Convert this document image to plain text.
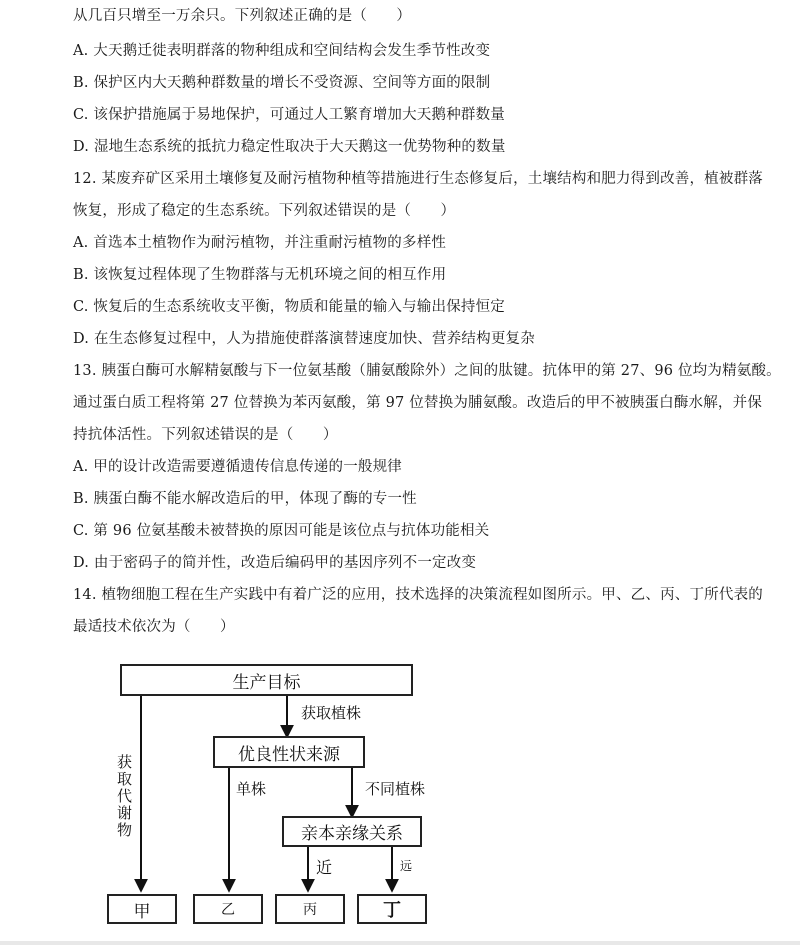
从几百只增至一万余只。下列叙述正确的是（　　）
A. 大天鹅迁徙表明群落的物种组成和空间结构会发生季节性改变
B. 保护区内大天鹅种群数量的增长不受资源、空间等方面的限制
C. 该保护措施属于易地保护，可通过人工繁育增加大天鹅种群数量
D. 湿地生态系统的抵抗力稳定性取决于大天鹅这一优势物种的数量
12. 某废弃矿区采用土壤修复及耐污植物种植等措施进行生态修复后，土壤结构和肥力得到改善，植被群落
恢复，形成了稳定的生态系统。下列叙述错误的是（　　）
A. 首选本土植物作为耐污植物，并注重耐污植物的多样性
B. 该恢复过程体现了生物群落与无机环境之间的相互作用
C. 恢复后的生态系统收支平衡，物质和能量的输入与输出保持恒定
D. 在生态修复过程中，人为措施使群落演替速度加快、营养结构更复杂
13. 胰蛋白酶可水解精氨酸与下一位氨基酸（脯氨酸除外）之间的肽键。抗体甲的第 27、96 位均为精氨酸。
通过蛋白质工程将第 27 位替换为苯丙氨酸，第 97 位替换为脯氨酸。改造后的甲不被胰蛋白酶水解，并保
持抗体活性。下列叙述错误的是（　　）
A. 甲的设计改造需要遵循遗传信息传递的一般规律
B. 胰蛋白酶不能水解改造后的甲，体现了酶的专一性
C. 第 96 位氨基酸未被替换的原因可能是该位点与抗体功能相关
D. 由于密码子的简并性，改造后编码甲的基因序列不一定改变
14. 植物细胞工程在生产实践中有着广泛的应用，技术选择的决策流程如图所示。甲、乙、丙、丁所代表的
最适技术依次为（　　）
生产目标
获取植株
获取代谢物	优良性状来源
单株	不同植株
亲本亲缘关系
近	远
甲	乙	丙	丁
